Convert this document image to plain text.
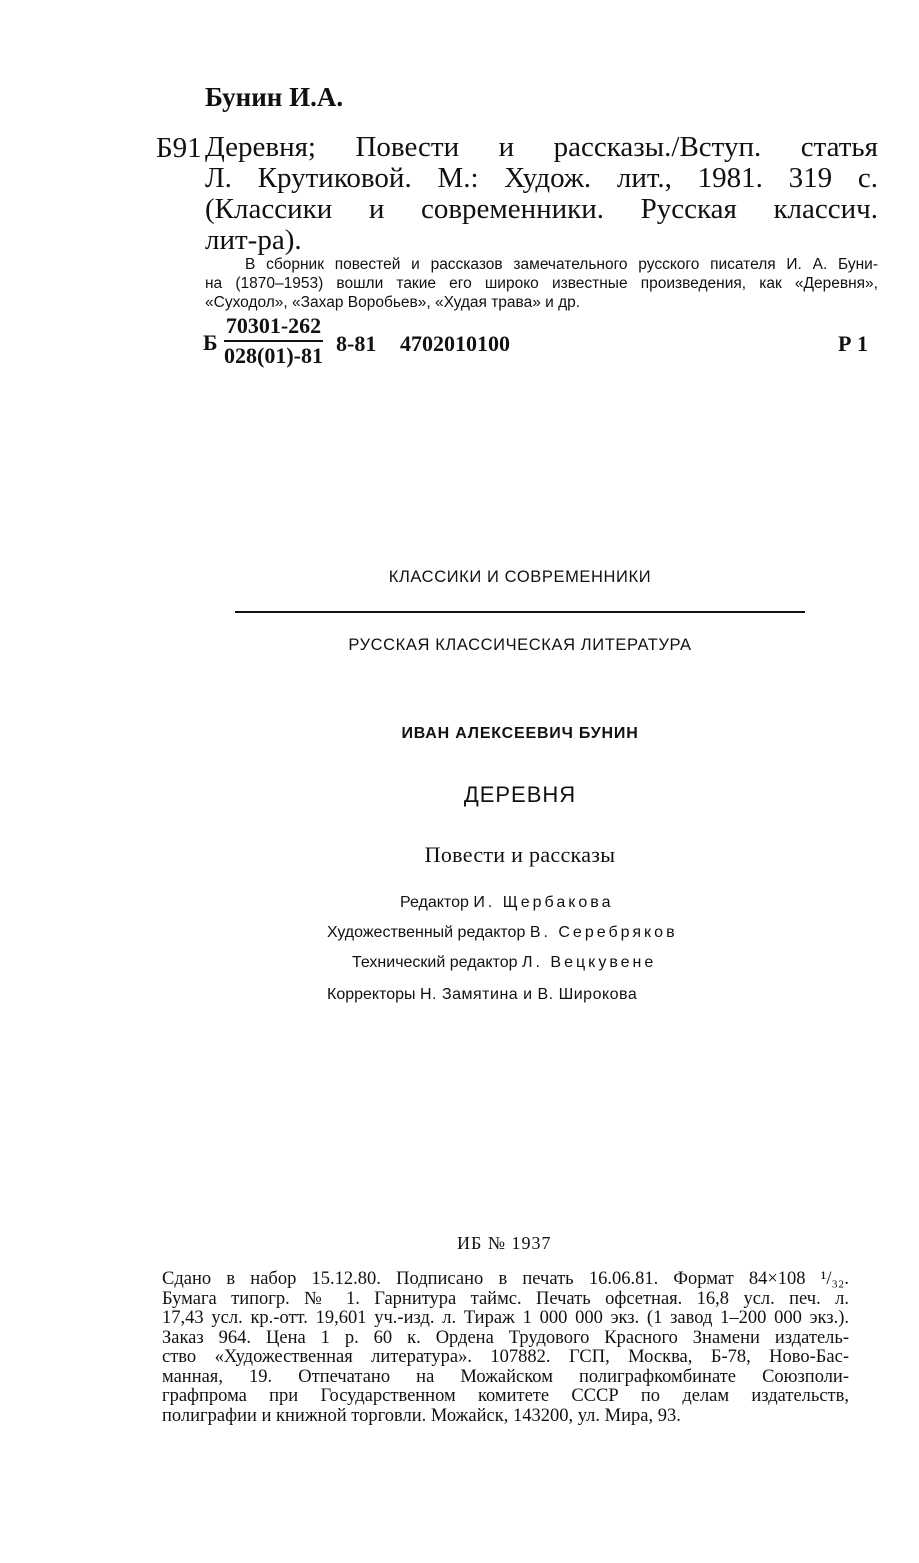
Бунин И.А.
Б91 Деревня; Повести и рассказы./Вступ. статья
Л. Крутиковой. М.: Худож. лит., 1981. 319 с.
(Классики и современники. Русская классич.
лит-ра).
В сборник повестей и рассказов замечательного русского писателя И. А. Буни-
на (1870–1953) вошли такие его широко известные произведения, как «Деревня»,
«Суходол», «Захар Воробьев», «Худая трава» и др.
Б $\frac{70301-262}{028(01)-81} 8-81$ 4702010100	Р 1
КЛАССИКИ И СОВРЕМЕННИКИ
РУССКАЯ КЛАССИЧЕСКАЯ ЛИТЕРАТУРА
ИВАН АЛЕКСЕЕВИЧ БУНИН
ДЕРЕВНЯ
Повести и рассказы
Редактор И. Щербакова
Художественный редактор В. Серебряков
Технический редактор Л. Вецкувене
Корректоры Н. Замятина и В. Широкова
ИБ № 1937
Сдано в набор 15.12.80. Подписано в печать 16.06.81. Формат 84×108 ¹/₃₂.
Бумага типогр. № 1. Гарнитура таймс. Печать офсетная. 16,8 усл. печ. л.
17,43 усл. кр.-отт. 19,601 уч.-изд. л. Тираж 1 000 000 экз. (1 завод 1–200 000 экз.).
Заказ 964. Цена 1 р. 60 к. Ордена Трудового Красного Знамени издатель-
ство «Художественная литература». 107882. ГСП, Москва, Б-78, Ново-Бас-
манная, 19. Отпечатано на Можайском полиграфкомбинате Союзполи-
графпрома при Государственном комитете СССР по делам издательств,
полиграфии и книжной торговли. Можайск, 143200, ул. Мира, 93.
